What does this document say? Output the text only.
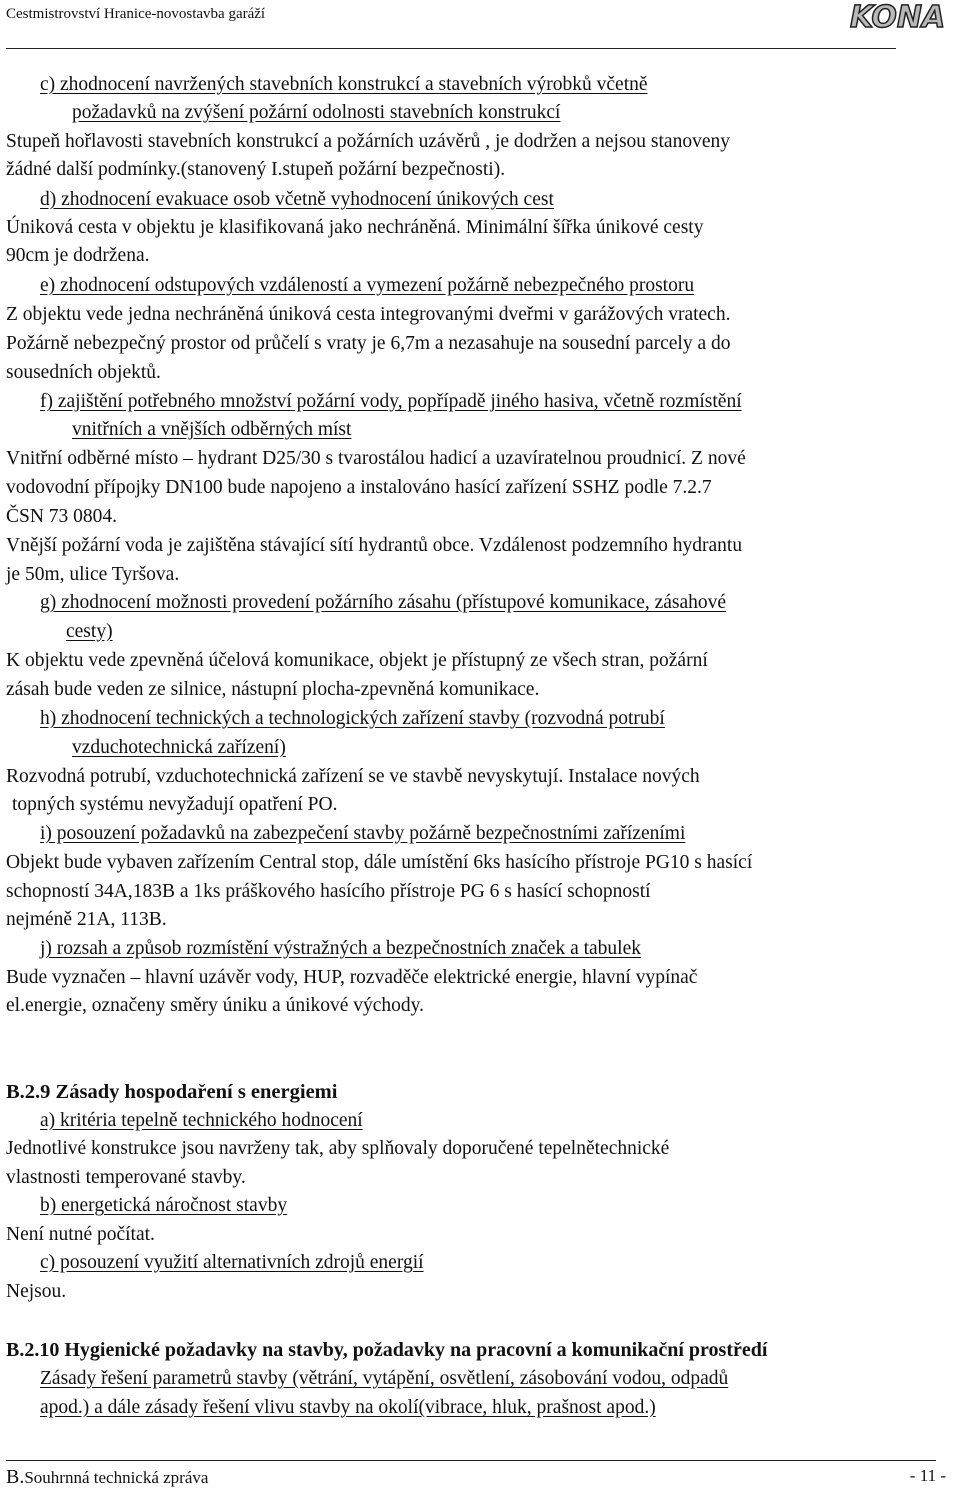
Cestmistrovství Hranice-novostavba garáží	KONA
c) zhodnocení navržených stavebních konstrukcí a stavebních výrobků včetně
požadavků na zvýšení požární odolnosti stavebních konstrukcí
Stupeň hořlavosti stavebních konstrukcí a požárních uzávěrů , je dodržen a nejsou stanoveny
žádné další podmínky.(stanovený I.stupeň požární bezpečnosti).
d) zhodnocení evakuace osob včetně vyhodnocení únikových cest
Úniková cesta v objektu je klasifikovaná jako nechráněná. Minimální šířka únikové cesty
90cm je dodržena.
e) zhodnocení odstupových vzdáleností a vymezení požárně nebezpečného prostoru
Z objektu vede jedna nechráněná úniková cesta integrovanými dveřmi v garážových vratech.
Požárně nebezpečný prostor od průčelí s vraty je 6,7m a nezasahuje na sousední parcely a do
sousedních objektů.
f) zajištění potřebného množství požární vody, popřípadě jiného hasiva, včetně rozmístění
vnitřních a vnějších odběrných míst
Vnitřní odběrné místo – hydrant D25/30 s tvarostálou hadicí a uzavíratelnou proudnicí. Z nové
vodovodní přípojky DN100 bude napojeno a instalováno hasící zařízení SSHZ podle 7.2.7
ČSN 73 0804.
Vnější požární voda je zajištěna stávající sítí hydrantů obce. Vzdálenost podzemního hydrantu
je 50m, ulice Tyršova.
g) zhodnocení možnosti provedení požárního zásahu (přístupové komunikace, zásahové
cesty)
K objektu vede zpevněná účelová komunikace, objekt je přístupný ze všech stran, požární
zásah bude veden ze silnice, nástupní plocha-zpevněná komunikace.
h) zhodnocení technických a technologických zařízení stavby (rozvodná potrubí
vzduchotechnická zařízení)
Rozvodná potrubí, vzduchotechnická zařízení se ve stavbě nevyskytují. Instalace nových
topných systému nevyžadují opatření PO.
i) posouzení požadavků na zabezpečení stavby požárně bezpečnostními zařízeními
Objekt bude vybaven zařízením Central stop, dále umístění 6ks hasícího přístroje PG10 s hasící
schopností 34A,183B a 1ks práškového hasícího přístroje PG 6 s hasící schopností
nejméně 21A, 113B.
j) rozsah a způsob rozmístění výstražných a bezpečnostních značek a tabulek
Bude vyznačen – hlavní uzávěr vody, HUP, rozvaděče elektrické energie, hlavní vypínač
el.energie, označeny směry úniku a únikové východy.
B.2.9 Zásady hospodaření s energiemi
a) kritéria tepelně technického hodnocení
Jednotlivé konstrukce jsou navrženy tak, aby splňovaly doporučené tepelnětechnické
vlastnosti temperované stavby.
b) energetická náročnost stavby
Není nutné počítat.
c) posouzení využití alternativních zdrojů energií
Nejsou.
B.2.10 Hygienické požadavky na stavby, požadavky na pracovní a komunikační prostředí
Zásady řešení parametrů stavby (větrání, vytápění, osvětlení, zásobování vodou, odpadů
apod.) a dále zásady řešení vlivu stavby na okolí(vibrace, hluk, prašnost apod.)
B.Souhrnná technická zpráva	- 11 -
